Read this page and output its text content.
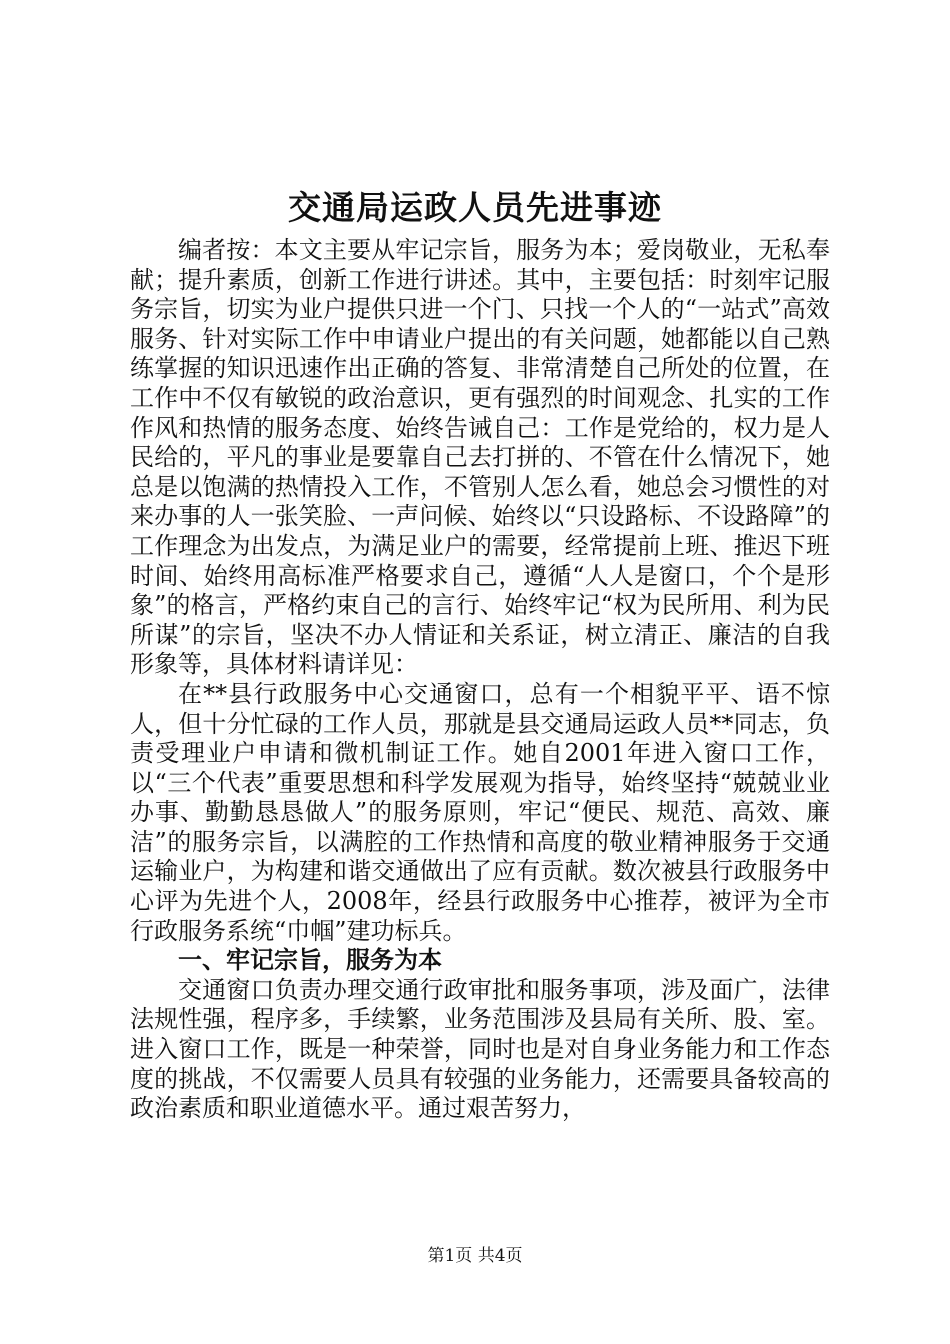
交通局运政人员先进事迹

编者按：本文主要从牢记宗旨，服务为本；爱岗敬业，无私奉献；提升素质，创新工作进行讲述。其中，主要包括：时刻牢记服务宗旨，切实为业户提供只进一个门、只找一个人的“一站式”高效服务、针对实际工作中申请业户提出的有关问题，她都能以自己熟练掌握的知识迅速作出正确的答复、非常清楚自己所处的位置，在工作中不仅有敏锐的政治意识，更有强烈的时间观念、扎实的工作作风和热情的服务态度、始终告诫自己：工作是党给的，权力是人民给的，平凡的事业是要靠自己去打拼的、不管在什么情况下，她总是以饱满的热情投入工作，不管别人怎么看，她总会习惯性的对来办事的人一张笑脸、一声问候、始终以“只设路标、不设路障”的工作理念为出发点，为满足业户的需要，经常提前上班、推迟下班时间、始终用高标准严格要求自己，遵循“人人是窗口，个个是形象”的格言，严格约束自己的言行、始终牢记“权为民所用、利为民所谋”的宗旨，坚决不办人情证和关系证，树立清正、廉洁的自我形象等，具体材料请详见：

在**县行政服务中心交通窗口，总有一个相貌平平、语不惊人，但十分忙碌的工作人员，那就是县交通局运政人员**同志，负责受理业户申请和微机制证工作。她自2001年进入窗口工作，以“三个代表”重要思想和科学发展观为指导，始终坚持“兢兢业业办事、勤勤恳恳做人”的服务原则，牢记“便民、规范、高效、廉洁”的服务宗旨，以满腔的工作热情和高度的敬业精神服务于交通运输业户，为构建和谐交通做出了应有贡献。数次被县行政服务中心评为先进个人，2008年，经县行政服务中心推荐，被评为全市行政服务系统“巾帼”建功标兵。

一、牢记宗旨，服务为本

交通窗口负责办理交通行政审批和服务事项，涉及面广，法律法规性强，程序多，手续繁，业务范围涉及县局有关所、股、室。进入窗口工作，既是一种荣誉，同时也是对自身业务能力和工作态度的挑战，不仅需要人员具有较强的业务能力，还需要具备较高的政治素质和职业道德水平。通过艰苦努力，

第1页 共4页
